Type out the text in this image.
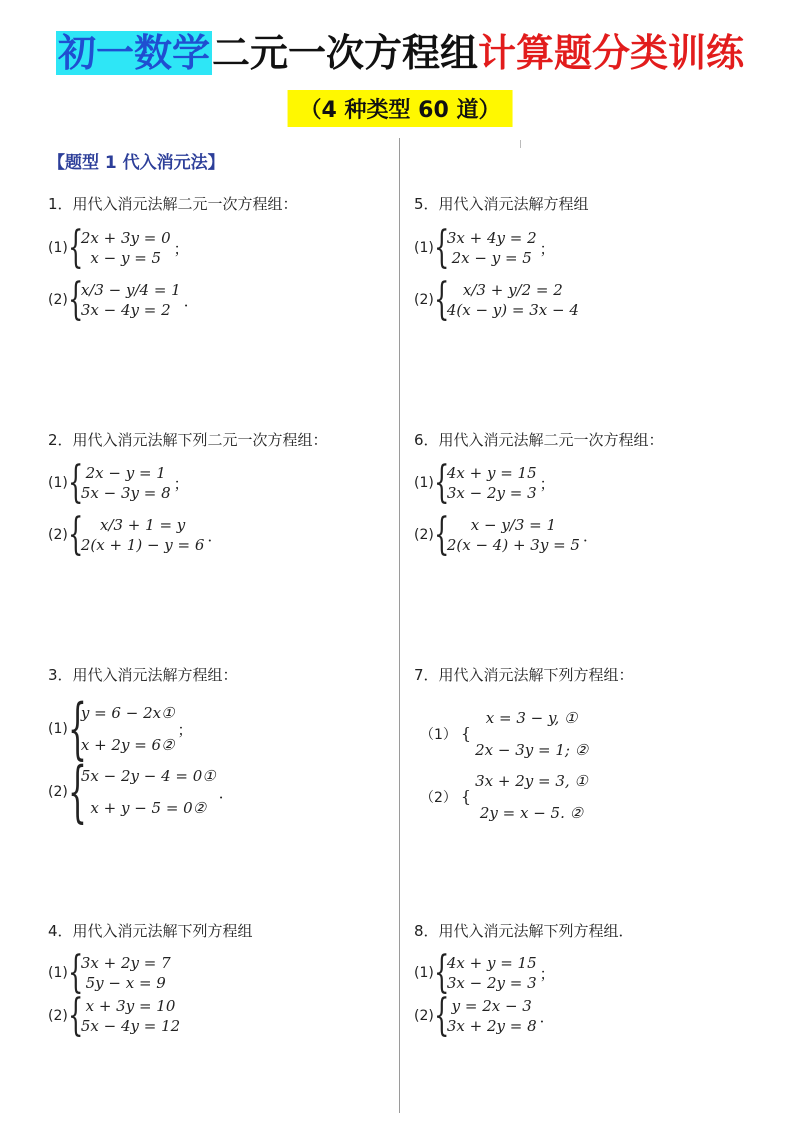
初一数学二元一次方程组计算题分类训练
（4 种类型 60 道）
【题型 1 代入消元法】
1．用代入消元法解二元一次方程组：
(1) {
2x + 3y = 0
x − y = 5
；
(2) {
x/3 − y/4 = 1
3x − 4y = 2
．
2．用代入消元法解下列二元一次方程组：
(1) { 2x − y = 1
5x − 3y = 8
；
(2) {	x/3 + 1 = y
2(x + 1) − y = 6
．
3．用代入消元法解方程组：
(1) {
y = 6 − 2x①
x + 2y = 6②
；
(2) {
5x − 2y − 4 = 0①
x + y − 5 = 0②
．
4．用代入消元法解下列方程组
(1) {
3x + 2y = 7
5y − x = 9
(2) { x + 3y = 10
5x − 4y = 12
5．用代入消元法解方程组
(1) {
3x + 4y = 2
2x − y = 5
；
(2) { x/3 + y/2 = 2
4(x − y) = 3x − 4
6．用代入消元法解二元一次方程组：
(1) {
4x + y = 15
3x − 2y = 3
；
(2) {	x − y/3 = 1
2(x − 4) + 3y = 5
．
7．用代入消元法解下列方程组：
（1） {
x = 3 − y, ①
2x − 3y = 1; ②
（2） {
3x + 2y = 3, ①
2y = x − 5. ②
8．用代入消元法解下列方程组．
(1) {
4x + y = 15
3x − 2y = 3
；
(2) { y = 2x − 3
3x + 2y = 8
．
